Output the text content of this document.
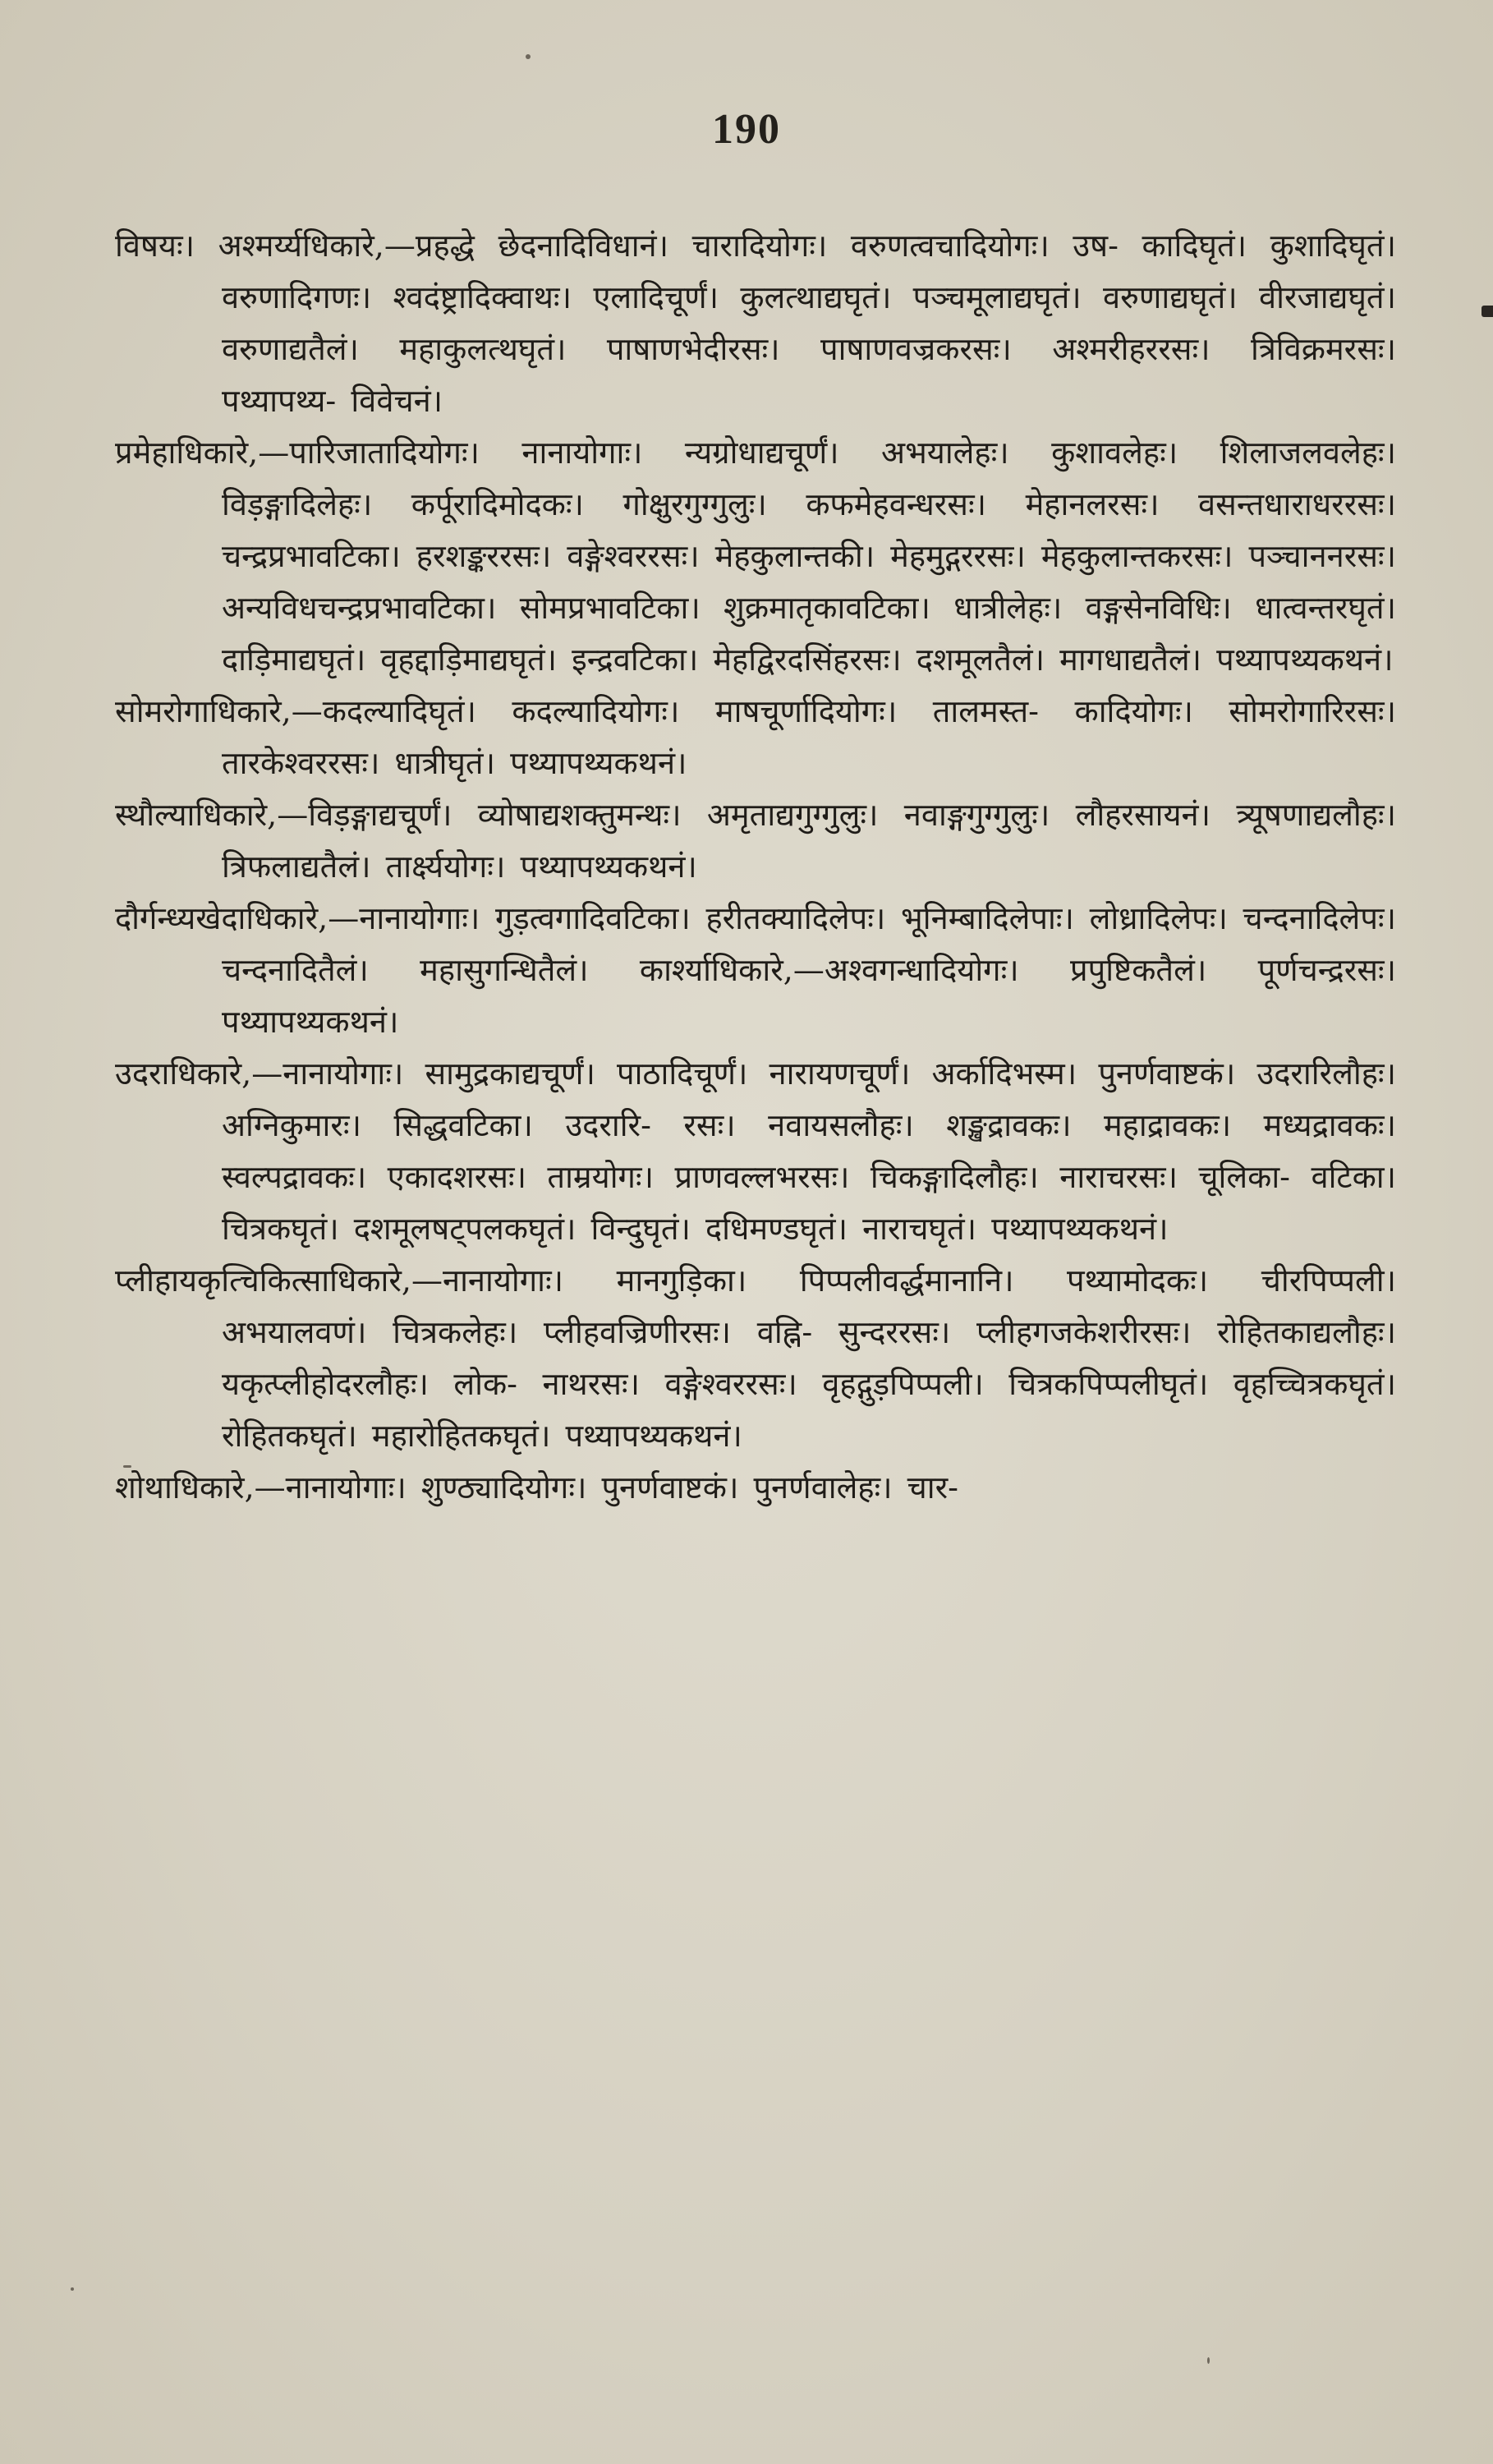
190

विषयः। अश्मर्य्यधिकारे,—प्रहद्धे छेदनादिविधानं। चारादियोगः। वरुणत्वचादियोगः। उष- कादिघृतं। कुशादिघृतं। वरुणादिगणः। श्वदंष्ट्रादिक्वाथः। एलादिचूर्णं। कुलत्थाद्यघृतं। पञ्चमूलाद्यघृतं। वरुणाद्यघृतं। वीरजाद्यघृतं। वरुणाद्यतैलं। महाकुलत्थघृतं। पाषाणभेदीरसः। पाषाणवज्रकरसः। अश्मरीहररसः। त्रिविक्रमरसः। पथ्यापथ्य- विवेचनं।

प्रमेहाधिकारे,—पारिजातादियोगः। नानायोगाः। न्यग्रोधाद्यचूर्णं। अभयालेहः। कुशावलेहः। शिलाजलवलेहः। विड़ङ्गादिलेहः। कर्पूरादिमोदकः। गोक्षुरगुग्गुलुः। कफमेहवन्धरसः। मेहानलरसः। वसन्तधाराधररसः। चन्द्रप्रभावटिका। हरशङ्कररसः। वङ्गेश्वररसः। मेहकुलान्तकी। मेहमुद्गररसः। मेहकुलान्तकरसः। पञ्चाननरसः। अन्यविधचन्द्रप्रभावटिका। सोमप्रभावटिका। शुक्रमातृकावटिका। धात्रीलेहः। वङ्गसेनविधिः। धात्वन्तरघृतं। दाड़िमाद्यघृतं। वृहद्दाड़िमाद्यघृतं। इन्द्रवटिका। मेहद्विरदसिंहरसः। दशमूलतैलं। मागधाद्यतैलं। पथ्यापथ्यकथनं।

सोमरोगाधिकारे,—कदल्यादिघृतं। कदल्यादियोगः। माषचूर्णादियोगः। तालमस्त- कादियोगः। सोमरोगारिरसः। तारकेश्वररसः। धात्रीघृतं। पथ्यापथ्यकथनं।

स्थौल्याधिकारे,—विड़ङ्गाद्यचूर्णं। व्योषाद्यशक्तुमन्थः। अमृताद्यगुग्गुलुः। नवाङ्गगुग्गुलुः। लौहरसायनं। त्र्यूषणाद्यलौहः। त्रिफलाद्यतैलं। तार्क्ष्ययोगः। पथ्यापथ्यकथनं।

दौर्गन्ध्यखेदाधिकारे,—नानायोगाः। गुड़त्वगादिवटिका। हरीतक्यादिलेपः। भूनिम्बादिलेपाः। लोध्रादिलेपः। चन्दनादिलेपः। चन्दनादितैलं। महासुगन्धितैलं। कार्श्याधिकारे,—अश्वगन्धादियोगः। प्रपुष्टिकतैलं। पूर्णचन्द्ररसः। पथ्यापथ्यकथनं।

उदराधिकारे,—नानायोगाः। सामुद्रकाद्यचूर्णं। पाठादिचूर्णं। नारायणचूर्णं। अर्कादिभस्म। पुनर्णवाष्टकं। उदरारिलौहः। अग्निकुमारः। सिद्धवटिका। उदरारि- रसः। नवायसलौहः। शङ्खद्रावकः। महाद्रावकः। मध्यद्रावकः। स्वल्पद्रावकः। एकादशरसः। ताम्रयोगः। प्राणवल्लभरसः। चिकङ्गादिलौहः। नाराचरसः। चूलिका- वटिका। चित्रकघृतं। दशमूलषट्पलकघृतं। विन्दुघृतं। दधिमण्डघृतं। नाराचघृतं। पथ्यापथ्यकथनं।

प्लीहायकृत्चिकित्साधिकारे,—नानायोगाः। मानगुड़िका। पिप्पलीवर्द्धमानानि। पथ्यामोदकः। चीरपिप्पली। अभयालवणं। चित्रकलेहः। प्लीहवज्रिणीरसः। वह्नि- सुन्दररसः। प्लीहगजकेशरीरसः। रोहितकाद्यलौहः। यकृत्प्लीहोदरलौहः। लोक- नाथरसः। वङ्गेश्वररसः। वृहद्गुड़पिप्पली। चित्रकपिप्पलीघृतं। वृहच्चित्रकघृतं। रोहितकघृतं। महारोहितकघृतं। पथ्यापथ्यकथनं।

शोथाधिकारे,—नानायोगाः। शुण्ठ्यादियोगः। पुनर्णवाष्टकं। पुनर्णवालेहः। चार-
